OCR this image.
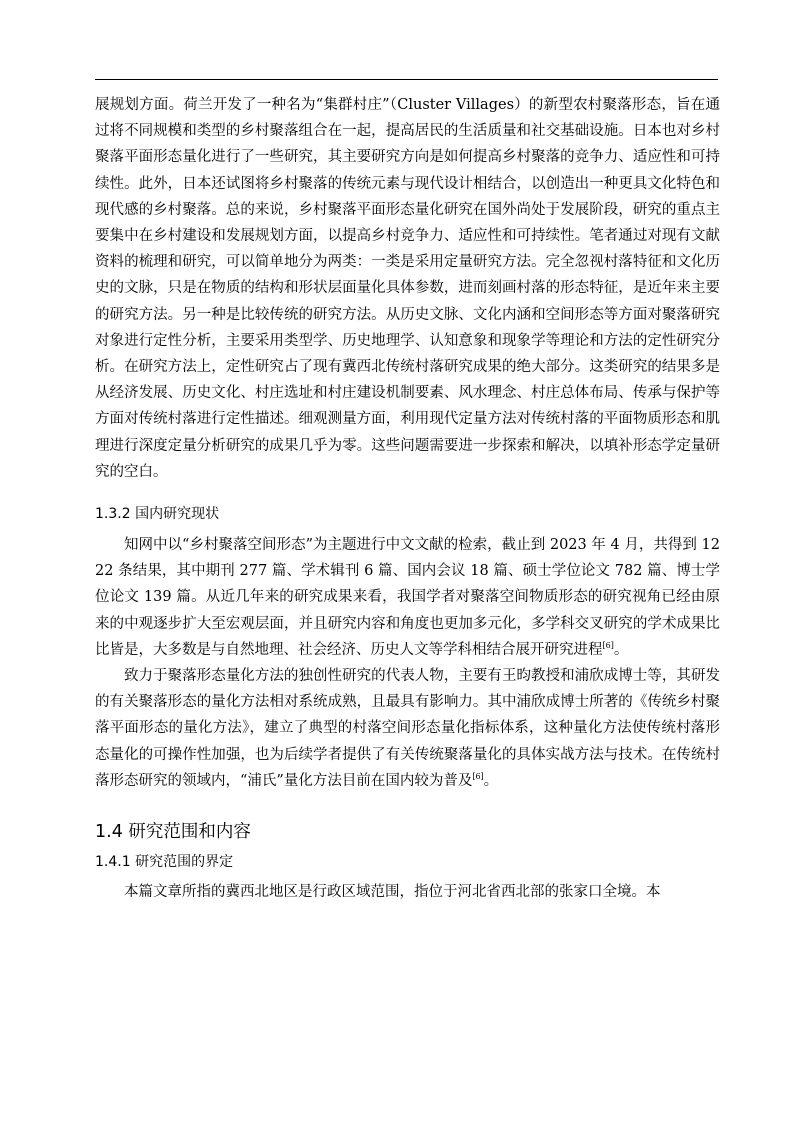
展规划方面。荷兰开发了一种名为“集群村庄”（Cluster Villages）的新型农村聚落形态，旨在通过将不同规模和类型的乡村聚落组合在一起，提高居民的生活质量和社交基础设施。日本也对乡村聚落平面形态量化进行了一些研究，其主要研究方向是如何提高乡村聚落的竞争力、适应性和可持续性。此外，日本还试图将乡村聚落的传统元素与现代设计相结合，以创造出一种更具文化特色和现代感的乡村聚落。总的来说，乡村聚落平面形态量化研究在国外尚处于发展阶段，研究的重点主要集中在乡村建设和发展规划方面，以提高乡村竞争力、适应性和可持续性。笔者通过对现有文献资料的梳理和研究，可以简单地分为两类：一类是采用定量研究方法。完全忽视村落特征和文化历史的文脉，只是在物质的结构和形状层面量化具体参数，进而刻画村落的形态特征，是近年来主要的研究方法。另一种是比较传统的研究方法。从历史文脉、文化内涵和空间形态等方面对聚落研究对象进行定性分析，主要采用类型学、历史地理学、认知意象和现象学等理论和方法的定性研究分析。在研究方法上，定性研究占了现有冀西北传统村落研究成果的绝大部分。这类研究的结果多是从经济发展、历史文化、村庄选址和村庄建设机制要素、风水理念、村庄总体布局、传承与保护等方面对传统村落进行定性描述。细观测量方面，利用现代定量方法对传统村落的平面物质形态和肌理进行深度定量分析研究的成果几乎为零。这些问题需要进一步探索和解决，以填补形态学定量研究的空白。

1.3.2 国内研究现状

知网中以“乡村聚落空间形态”为主题进行中文文献的检索，截止到 2023 年 4 月，共得到 1222 条结果，其中期刊 277 篇、学术辑刊 6 篇、国内会议 18 篇、硕士学位论文 782 篇、博士学位论文 139 篇。从近几年来的研究成果来看，我国学者对聚落空间物质形态的研究视角已经由原来的中观逐步扩大至宏观层面，并且研究内容和角度也更加多元化，多学科交叉研究的学术成果比比皆是，大多数是与自然地理、社会经济、历史人文等学科相结合展开研究进程[6]。

致力于聚落形态量化方法的独创性研究的代表人物，主要有王昀教授和浦欣成博士等，其研发的有关聚落形态的量化方法相对系统成熟，且最具有影响力。其中浦欣成博士所著的《传统乡村聚落平面形态的量化方法》，建立了典型的村落空间形态量化指标体系，这种量化方法使传统村落形态量化的可操作性加强，也为后续学者提供了有关传统聚落量化的具体实战方法与技术。在传统村落形态研究的领域内，“浦氏”量化方法目前在国内较为普及[6]。

1.4 研究范围和内容
1.4.1 研究范围的界定

本篇文章所指的冀西北地区是行政区域范围，指位于河北省西北部的张家口全境。本
